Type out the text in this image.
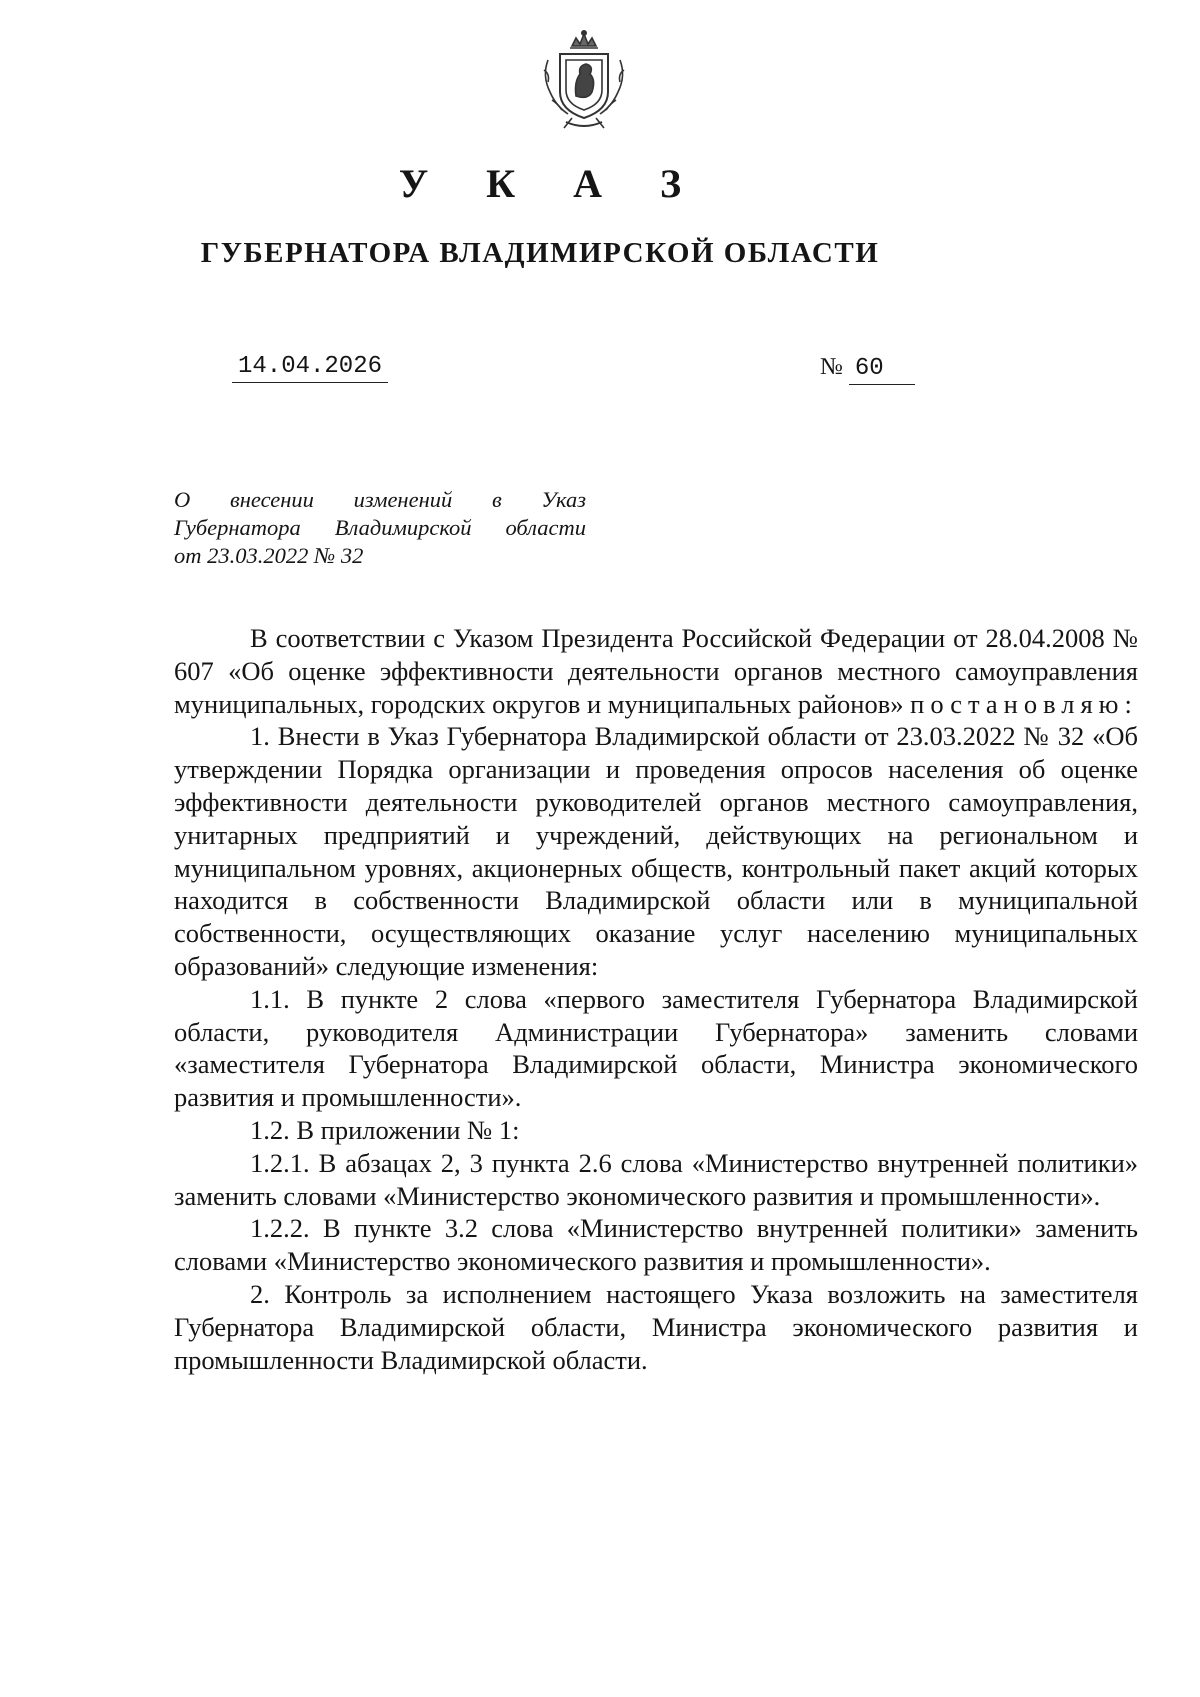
У К А З
ГУБЕРНАТОРА ВЛАДИМИРСКОЙ ОБЛАСТИ
14.04.2026	№ 60
О внесении изменений в Указ
Губернатора Владимирской области
от 23.03.2022 № 32

В соответствии с Указом Президента Российской Федерации от 28.04.2008 № 607 «Об оценке эффективности деятельности органов местного самоуправления муниципальных, городских округов и муниципальных районов» постановляю:

1. Внести в Указ Губернатора Владимирской области от 23.03.2022 № 32 «Об утверждении Порядка организации и проведения опросов населения об оценке эффективности деятельности руководителей органов местного самоуправления, унитарных предприятий и учреждений, действующих на региональном и муниципальном уровнях, акционерных обществ, контрольный пакет акций которых находится в собственности Владимирской области или в муниципальной собственности, осуществляющих оказание услуг населению муниципальных образований» следующие изменения:

1.1. В пункте 2 слова «первого заместителя Губернатора Владимирской области, руководителя Администрации Губернатора» заменить словами «заместителя Губернатора Владимирской области, Министра экономического развития и промышленности».

1.2. В приложении № 1:

1.2.1. В абзацах 2, 3 пункта 2.6 слова «Министерство внутренней политики» заменить словами «Министерство экономического развития и промышленности».

1.2.2. В пункте 3.2 слова «Министерство внутренней политики» заменить словами «Министерство экономического развития и промышленности».

2. Контроль за исполнением настоящего Указа возложить на заместителя Губернатора Владимирской области, Министра экономического развития и промышленности Владимирской области.
